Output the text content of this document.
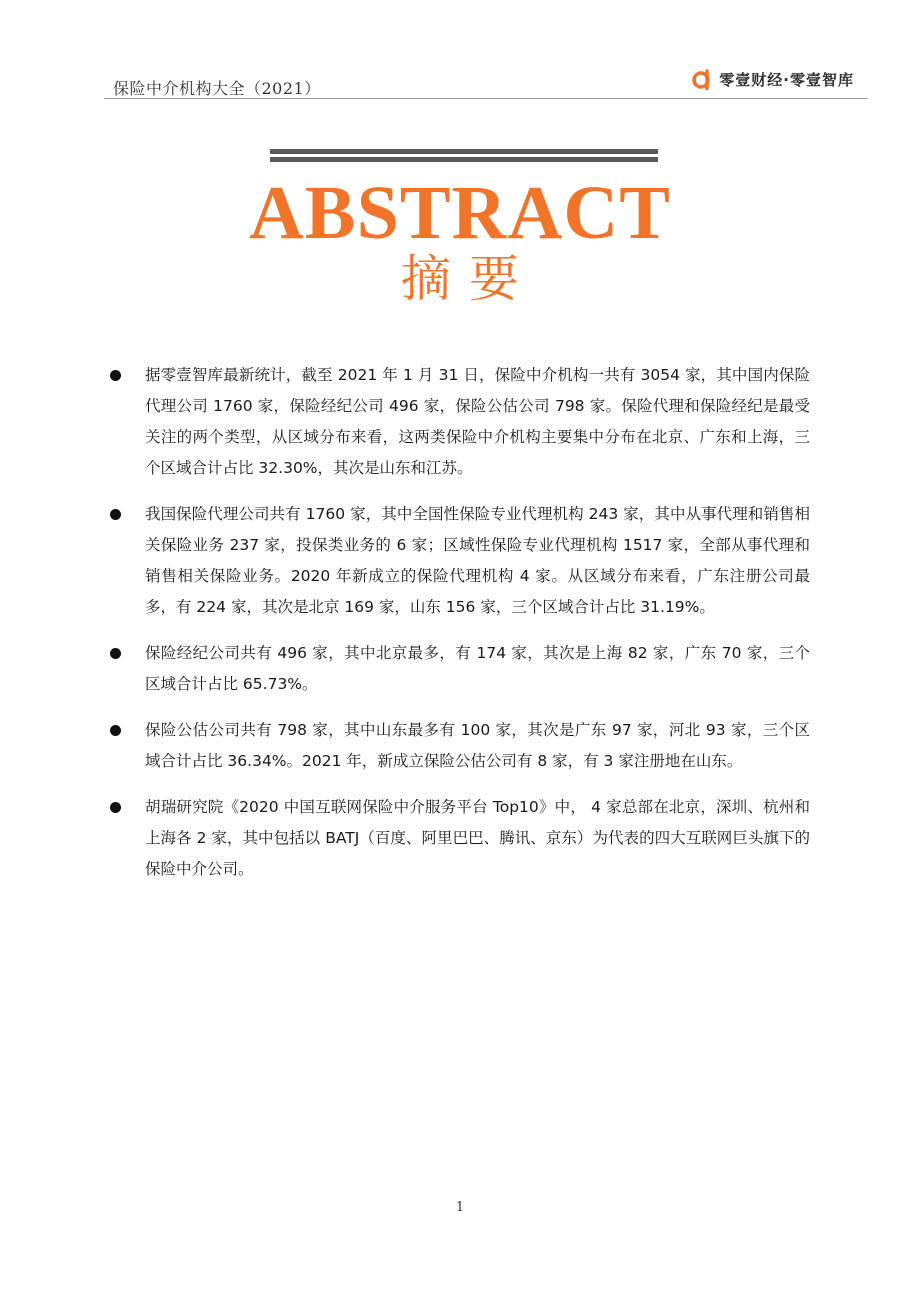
保险中介机构大全（2021）	零壹财经·零壹智库
ABSTRACT
摘要
据零壹智库最新统计，截至 2021 年 1 月 31 日，保险中介机构一共有 3054 家，其中国内保险代理公司 1760 家，保险经纪公司 496 家，保险公估公司 798 家。保险代理和保险经纪是最受关注的两个类型，从区域分布来看，这两类保险中介机构主要集中分布在北京、广东和上海，三个区域合计占比 32.30%，其次是山东和江苏。
我国保险代理公司共有 1760 家，其中全国性保险专业代理机构 243 家，其中从事代理和销售相关保险业务 237 家，投保类业务的 6 家；区域性保险专业代理机构 1517 家，全部从事代理和销售相关保险业务。2020 年新成立的保险代理机构 4 家。从区域分布来看，广东注册公司最多，有 224 家，其次是北京 169 家，山东 156 家，三个区域合计占比 31.19%。
保险经纪公司共有 496 家，其中北京最多，有 174 家，其次是上海 82 家，广东 70 家，三个区域合计占比 65.73%。
保险公估公司共有 798 家，其中山东最多有 100 家，其次是广东 97 家，河北 93 家，三个区域合计占比 36.34%。2021 年，新成立保险公估公司有 8 家，有 3 家注册地在山东。
胡瑞研究院《2020 中国互联网保险中介服务平台 Top10》中， 4 家总部在北京，深圳、杭州和上海各 2 家，其中包括以 BATJ（百度、阿里巴巴、腾讯、京东）为代表的四大互联网巨头旗下的保险中介公司。
1
